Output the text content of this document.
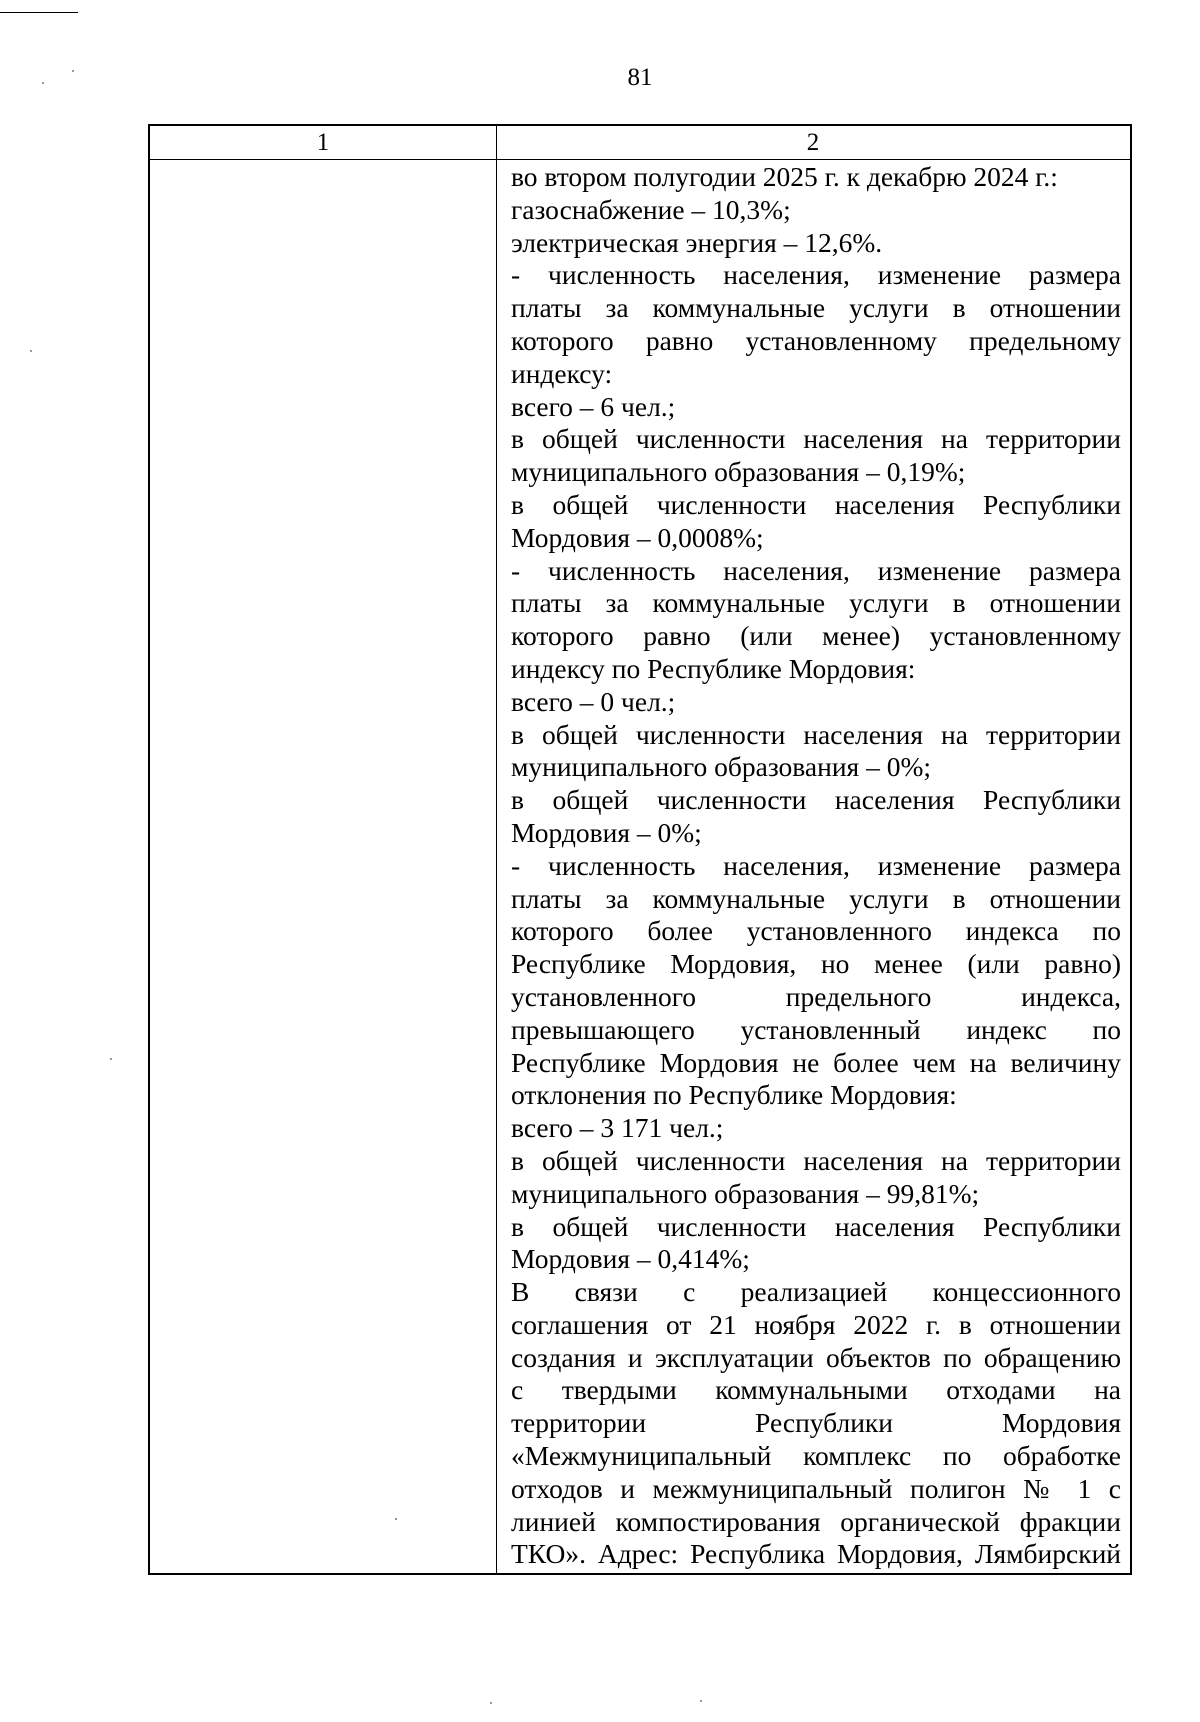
81
1	2
во втором полугодии 2025 г. к декабрю 2024 г.:
газоснабжение – 10,3%;
электрическая энергия – 12,6%.
- численность населения, изменение размера
платы за коммунальные услуги в отношении
которого равно установленному предельному
индексу:
всего – 6 чел.;
в общей численности населения на территории
муниципального образования – 0,19%;
в общей численности населения Республики
Мордовия – 0,0008%;
- численность населения, изменение размера
платы за коммунальные услуги в отношении
которого равно (или менее) установленному
индексу по Республике Мордовия:
всего – 0 чел.;
в общей численности населения на территории
муниципального образования – 0%;
в общей численности населения Республики
Мордовия – 0%;
- численность населения, изменение размера
платы за коммунальные услуги в отношении
которого более установленного индекса по
Республике Мордовия, но менее (или равно)
установленного предельного индекса,
превышающего установленный индекс по
Республике Мордовия не более чем на величину
отклонения по Республике Мордовия:
всего – 3 171 чел.;
в общей численности населения на территории
муниципального образования – 99,81%;
в общей численности населения Республики
Мордовия – 0,414%;
В связи с реализацией концессионного
соглашения от 21 ноября 2022 г. в отношении
создания и эксплуатации объектов по обращению
с твердыми коммунальными отходами на
территории Республики Мордовия
«Межмуниципальный комплекс по обработке
отходов и межмуниципальный полигон № 1 с
линией компостирования органической фракции
ТКО». Адрес: Республика Мордовия, Лямбирский
